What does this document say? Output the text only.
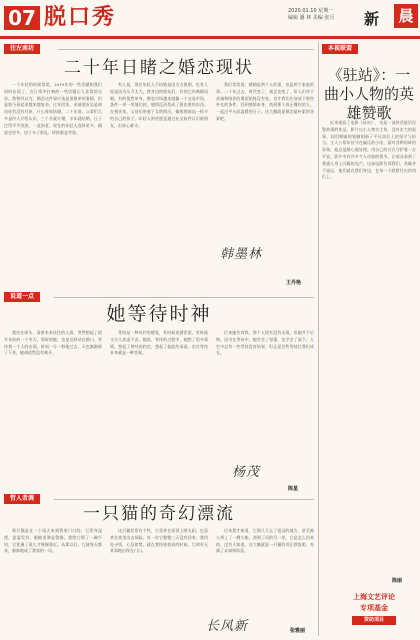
07 脱口秀	2020.01.10 星期一
编辑 潘 林 美编 张月	新 晨
往左南坊
二十年日睹之婚恋现状

一个年轻的时候常说，2019年的一些话题和我们同时出现了，在日常中打响的一些话题让人非常的无奈。我曾经以为，婚恋这件事应该是很简单的事情，但是如今看起来越来越复杂。过年回家，亲戚朋友总是询问你有没有对象，什么时候结婚。二十年前，父辈们大多是经人介绍认识，三个月就订婚，半年就结婚，日子过得平平淡淡，一直到老。现在的年轻人选择更多，顾虑也更多，房子车子彩礼，样样都是考验。

有人说，现在年轻人不结婚是因为太挑剔，也有人说是因为压力太大。我身边的朋友们，有的已经离婚再婚，有的依然单身。婚恋市场越来越像一个交易市场，条件一项一项地比较，感情反而变成了最次要的东西。在相亲角，父母们举着子女的简历，像推销商品一样介绍自己的孩子。年轻人则更愿意通过社交软件认识新朋友，但真心难寻。

我们常常说，婚姻是两个人的事，也是两个家庭的事。二十年过去，时代变了，观念也变了，但人们对于真诚和陪伴的渴望始终没有变。也许我们应该放下那些外在的条件，回到感情本身，找到那个真正懂你的人，一起过平凡而温暖的日子。这大概就是婚恋最朴素的答案吧。

韩墨林
王丹艳
说道一点
她等待时神

我站在街头，看着来来往往的人群，突然想起了很多年前的一个冬天。那时的她，也是这样站在路口，等待着一个人的出现。时间一分一秒地过去，天色渐渐暗了下来，她却依然没有离开。

等待是一种奇妙的感觉，有时候充满希望，有时候又让人焦虑不安。她说，等待的过程中，她想了很多事情，想起了曾经的约定，想起了彼此的承诺。也许等待本身就是一种答案。

后来她告诉我，那个人终究没有出现，但她并不后悔。因为在等待中，她学会了坚强，也学会了放下。人生中总有一些等待没有结果，但正是这些等待让我们成长。

杨茂
陈星
哲人者调
一只猫的奇幻漂流

那只猫是在一个雨天来到我家门口的。它浑身湿透，瑟瑟发抖，眼睛里满是警惕。我给它倒了一碗牛奶，它犹豫了很久才慢慢靠近。从那以后，它就每天都来，渐渐地成了我家的一员。

这只猫非常有个性，它喜欢在屋顶上晒太阳，也喜欢在夜里出去探险。有一次它整整三天没有回来，我四处寻找，心急如焚。就在我快要放弃的时候，它却若无其事地出现在门口。

后来我才知道，它那几天去了很远的地方，甚至被人带上了一艘小船，漂到了河的另一岸。它是怎么回来的，没有人知道。这大概就是一只猫的奇幻漂流吧，充满了未知和惊喜。

长风新	张雅丽
本视联盟
《驻站》：一曲小人物的英雄赞歌

近来观看了电影《驻站》，这是一部讲述基层民警故事的作品。影片以小人物为主角，没有宏大的叙事，却用细腻的笔触刻画了平凡岗位上的坚守与担当。主人公常年驻守在偏远的小站，面对各种琐碎的事务，他总是耐心地处理，用自己的方式守护着一方平安。影片中有许多令人动容的情节，让观众看到了普通人身上闪耀的光芒。这部电影告诉我们，英雄并不遥远，他们就在我们身边，在每一个默默付出的岗位上。

陈丽
上海文艺评论
专项基金
资助项目
